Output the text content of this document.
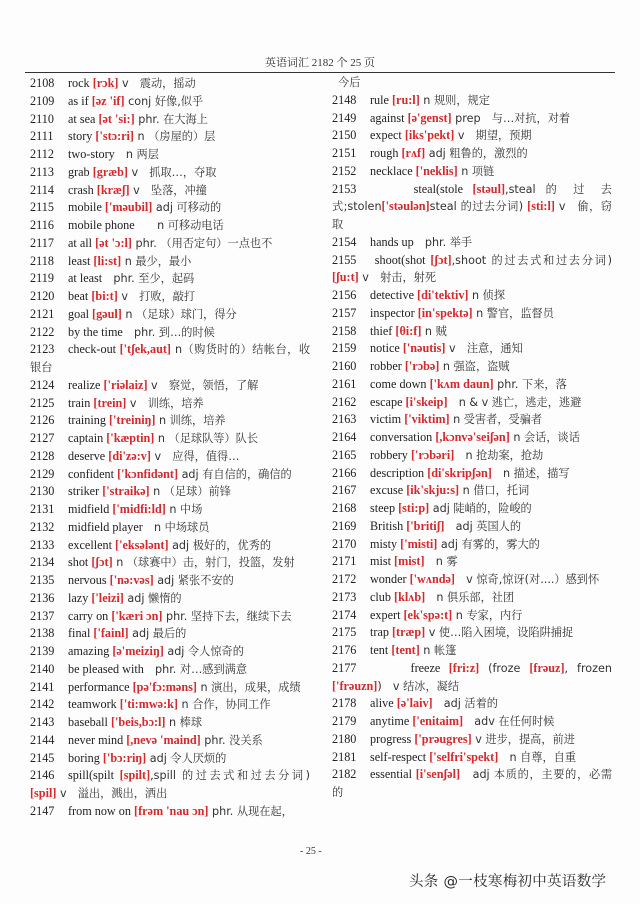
英语词汇 2182 个 25 页

2108 rock [rɔk] v　震动，摇动

2109 as if [əz 'if] conj 好像,似乎

2110 at sea [ət 'si:] phr. 在大海上

2111 story ['stɔ:ri] n （房屋的）层

2112 two-story　n 两层

2113 grab [græb] v　抓取…，夺取

2114 crash [kræʃ] v　坠落，冲撞

2115 mobile ['məubil] adj 可移动的

2116 mobile phone　　n 可移动电话

2117 at all [ət 'ɔ:l] phr. （用否定句）一点也不

2118 least [li:st] n 最少，最小

2119 at least　phr. 至少，起码

2120 beat [bi:t] v　打败，敲打

2121 goal [gəul] n （足球）球门，得分

2122 by the time　phr. 到…的时候

2123 check-out ['tʃek,aut] n（购货时的）结帐台，收银台

2124 realize ['riəlaiz] v　察觉，领悟，了解

2125 train [trein] v　训练，培养

2126 training ['treiniŋ] n 训练，培养

2127 captain ['kæptin] n （足球队等）队长

2128 deserve [di'zə:v] v　应得，值得…

2129 confident ['kɔnfidənt] adj 有自信的，确信的

2130 striker ['straikə] n （足球）前锋

2131 midfield ['midfi:ld] n 中场

2132 midfield player　n 中场球员

2133 excellent ['eksələnt] adj 极好的，优秀的

2134 shot [ʃɔt] n （球赛中）击，射门，投篮，发射

2135 nervous ['nə:vəs] adj 紧张不安的

2136 lazy ['leizi] adj 懒惰的

2137 carry on ['kæri ɔn] phr. 坚持下去，继续下去

2138 final ['fainl] adj 最后的

2139 amazing [ə'meiziŋ] adj 令人惊奇的

2140 be pleased with　phr. 对…感到满意

2141 performance [pə'fɔ:məns] n 演出，成果，成绩

2142 teamwork ['ti:mwə:k] n 合作，协同工作

2143 baseball ['beis,bɔ:l] n 棒球

2144 never mind [,nevə 'maind] phr. 没关系

2145 boring ['bɔ:riŋ] adj 令人厌烦的

2146 spill(spilt [spilt],spill 的过去式和过去分词) [spil] v　溢出，溅出，洒出

2147 from now on [frəm 'nau ɔn] phr. 从现在起，

今后

2148 rule [ru:l] n 规则，规定

2149 against [ə'genst] prep　与…对抗，对着

2150 expect [iks'pekt] v　期望，预期

2151 rough [rʌf] adj 粗鲁的，激烈的

2152 necklace ['neklis] n 项链

2153　　steal(stole [stəul],steal 的 过 去 式;stolen['stəulən]steal 的过去分词) [sti:l] v　偷，窃取

2154 hands up　phr. 举手

2155 shoot(shot [ʃɔt],shoot 的过去式和过去分词)[ʃu:t] v　射击，射死

2156 detective [di'tektiv] n 侦探

2157 inspector [in'spektə] n 警官，监督员

2158 thief [θi:f] n 贼

2159 notice ['nəutis] v　注意，通知

2160 robber ['rɔbə] n 强盗，盗贼

2161 come down ['kʌm daun] phr. 下来，落

2162 escape [i'skeip]　n & v 逃亡，逃走，逃避

2163 victim ['viktim] n 受害者，受骗者

2164 conversation [,kɔnvə'seiʃən] n 会话，谈话

2165 robbery ['rɔbəri]　n 抢劫案，抢劫

2166 description [di'skripʃən]　n 描述，描写

2167 excuse [ik'skju:s] n 借口，托词

2168 steep [sti:p] adj 陡峭的，险峻的

2169 British ['britiʃ]　adj 英国人的

2170 misty ['misti] adj 有雾的，雾大的

2171 mist [mist]　n 雾

2172 wonder ['wʌndə]　v 惊奇,惊讶(对....）感到怀

2173 club [klʌb]　n 俱乐部，社团

2174 expert [ek'spə:t] n 专家，内行

2175 trap [træp] v 使…陷入困境，设陷阱捕捉

2176 tent [tent] n 帐篷

2177　　freeze [fri:z] (froze [frəuz], frozen ['frəuzn])　v 结冰，凝结

2178 alive [ə'laiv]　adj 活着的

2179 anytime ['enitaim]　adv 在任何时候

2180 progress ['prəugres] v 进步，提高，前进

2181 self-respect ['selfri'spekt]　n 自尊，自重

2182 essential [i'senʃəl]　adj 本质的，主要的，必需的

- 25 -
头条 @一枝寒梅初中英语数学
